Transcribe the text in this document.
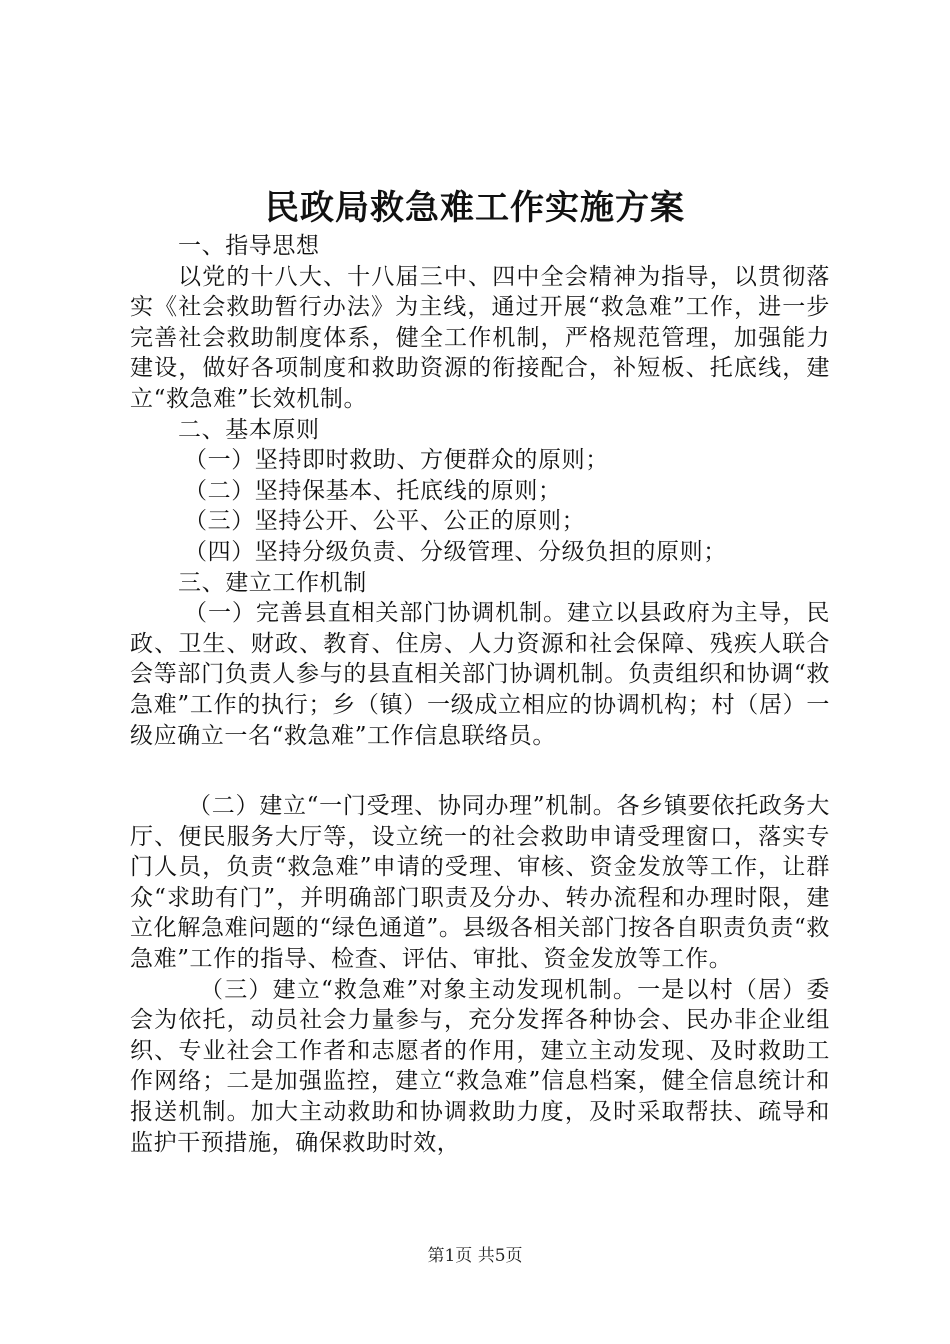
民政局救急难工作实施方案

一、指导思想

以党的十八大、十八届三中、四中全会精神为指导，以贯彻落实《社会救助暂行办法》为主线，通过开展“救急难”工作，进一步完善社会救助制度体系，健全工作机制，严格规范管理，加强能力建设，做好各项制度和救助资源的衔接配合，补短板、托底线，建立“救急难”长效机制。

二、基本原则

（一）坚持即时救助、方便群众的原则；

（二）坚持保基本、托底线的原则；

（三）坚持公开、公平、公正的原则；

（四）坚持分级负责、分级管理、分级负担的原则；

三、建立工作机制

（一）完善县直相关部门协调机制。建立以县政府为主导，民政、卫生、财政、教育、住房、人力资源和社会保障、残疾人联合会等部门负责人参与的县直相关部门协调机制。负责组织和协调“救急难”工作的执行；乡（镇）一级成立相应的协调机构；村（居）一级应确立一名“救急难”工作信息联络员。

（二）建立“一门受理、协同办理”机制。各乡镇要依托政务大厅、便民服务大厅等，设立统一的社会救助申请受理窗口，落实专门人员，负责“救急难”申请的受理、审核、资金发放等工作，让群众“求助有门”，并明确部门职责及分办、转办流程和办理时限，建立化解急难问题的“绿色通道”。县级各相关部门按各自职责负责“救急难”工作的指导、检查、评估、审批、资金发放等工作。

（三）建立“救急难”对象主动发现机制。一是以村（居）委会为依托，动员社会力量参与，充分发挥各种协会、民办非企业组织、专业社会工作者和志愿者的作用，建立主动发现、及时救助工作网络；二是加强监控，建立“救急难”信息档案，健全信息统计和报送机制。加大主动救助和协调救助力度，及时采取帮扶、疏导和监护干预措施，确保救助时效，

第1页 共5页
